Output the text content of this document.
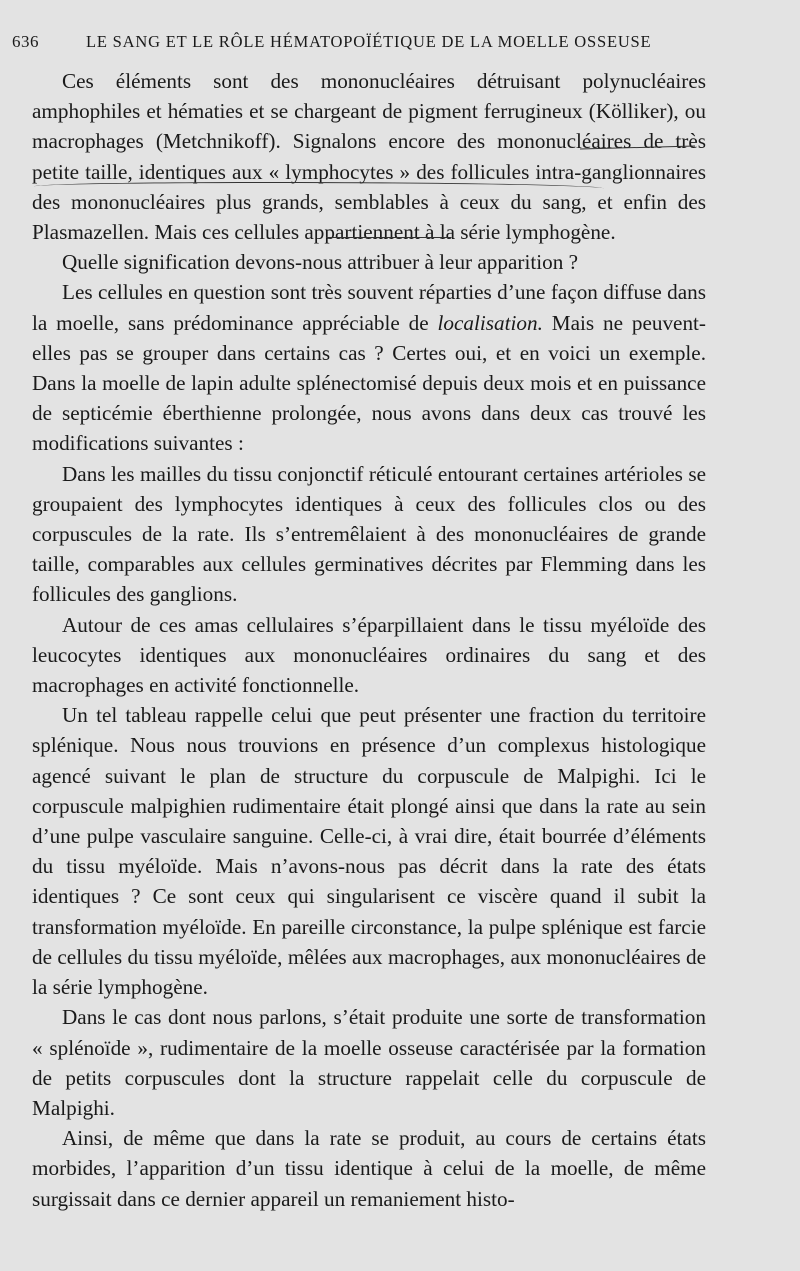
636	LE SANG ET LE RÔLE HÉMATOPOÏÉTIQUE DE LA MOELLE OSSEUSE

Ces éléments sont des mononucléaires détruisant polynucléaires amphophiles et hématies et se chargeant de pigment ferrugineux (Kölliker), ou macrophages (Metchnikoff). Signalons encore des mononucléaires de très petite taille, identiques aux « lymphocytes » des follicules intra-ganglionnaires des mononucléaires plus grands, semblables à ceux du sang, et enfin des Plasmazellen. Mais ces cellules appartiennent à la série lymphogène.

Quelle signification devons-nous attribuer à leur apparition ?

Les cellules en question sont très souvent réparties d’une façon diffuse dans la moelle, sans prédominance appréciable de localisation. Mais ne peuvent-elles pas se grouper dans certains cas ? Certes oui, et en voici un exemple. Dans la moelle de lapin adulte splénectomisé depuis deux mois et en puissance de septicémie éberthienne prolongée, nous avons dans deux cas trouvé les modifications suivantes :

Dans les mailles du tissu conjonctif réticulé entourant certaines artérioles se groupaient des lymphocytes identiques à ceux des follicules clos ou des corpuscules de la rate. Ils s’entremêlaient à des mononucléaires de grande taille, comparables aux cellules germinatives décrites par Flemming dans les follicules des ganglions.

Autour de ces amas cellulaires s’éparpillaient dans le tissu myéloïde des leucocytes identiques aux mononucléaires ordinaires du sang et des macrophages en activité fonctionnelle.

Un tel tableau rappelle celui que peut présenter une fraction du territoire splénique. Nous nous trouvions en présence d’un complexus histologique agencé suivant le plan de structure du corpuscule de Malpighi. Ici le corpuscule malpighien rudimentaire était plongé ainsi que dans la rate au sein d’une pulpe vasculaire sanguine. Celle-ci, à vrai dire, était bourrée d’éléments du tissu myéloïde. Mais n’avons-nous pas décrit dans la rate des états identiques ? Ce sont ceux qui singularisent ce viscère quand il subit la transformation myéloïde. En pareille circonstance, la pulpe splénique est farcie de cellules du tissu myéloïde, mêlées aux macrophages, aux mononucléaires de la série lymphogène.

Dans le cas dont nous parlons, s’était produite une sorte de transformation « splénoïde », rudimentaire de la moelle osseuse caractérisée par la formation de petits corpuscules dont la structure rappelait celle du corpuscule de Malpighi.

Ainsi, de même que dans la rate se produit, au cours de certains états morbides, l’apparition d’un tissu identique à celui de la moelle, de même surgissait dans ce dernier appareil un remaniement histo-
